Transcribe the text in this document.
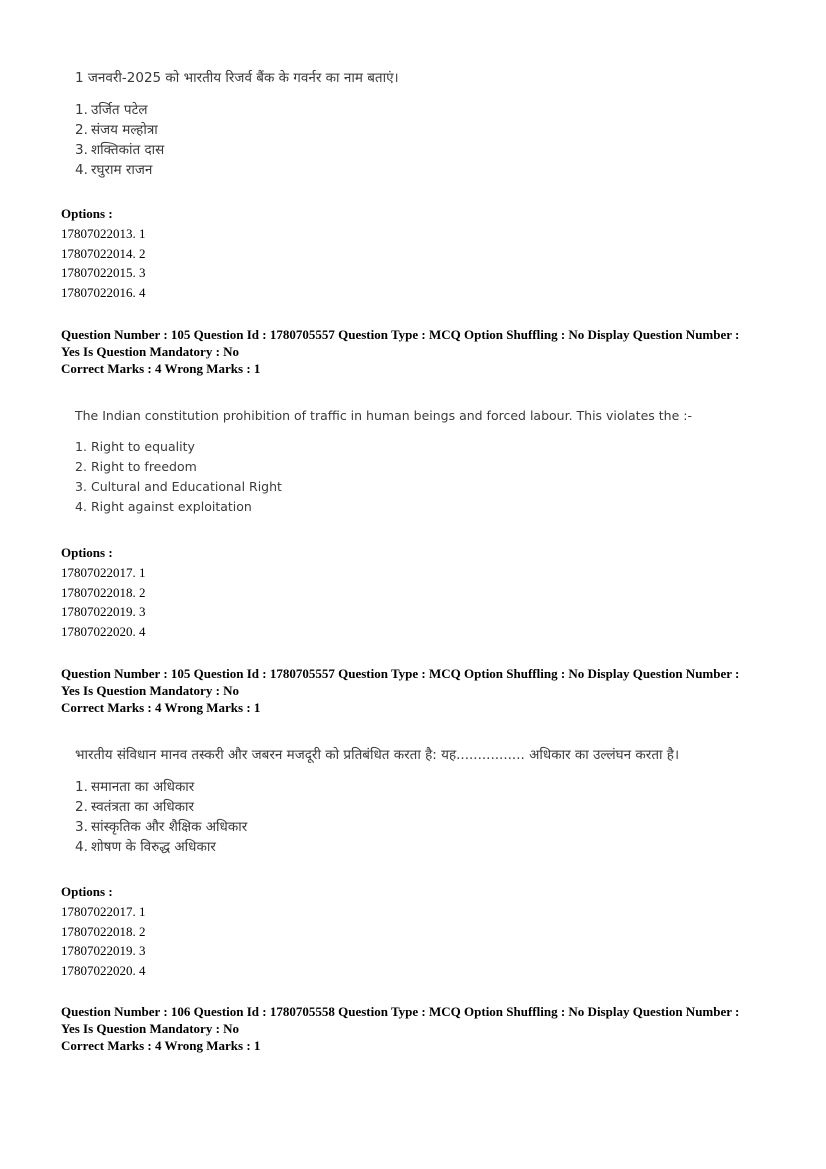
1 जनवरी-2025 को भारतीय रिजर्व बैंक के गवर्नर का नाम बताएं।
1. उर्जित पटेल
2. संजय मल्होत्रा
3. शक्तिकांत दास
4. रघुराम राजन
Options :
17807022013. 1
17807022014. 2
17807022015. 3
17807022016. 4
Question Number : 105 Question Id : 1780705557 Question Type : MCQ Option Shuffling : No Display Question Number :
Yes Is Question Mandatory : No
Correct Marks : 4 Wrong Marks : 1
The Indian constitution prohibition of traffic in human beings and forced labour. This violates the :-
1. Right to equality
2. Right to freedom
3. Cultural and Educational Right
4. Right against exploitation
Options :
17807022017. 1
17807022018. 2
17807022019. 3
17807022020. 4
Question Number : 105 Question Id : 1780705557 Question Type : MCQ Option Shuffling : No Display Question Number :
Yes Is Question Mandatory : No
Correct Marks : 4 Wrong Marks : 1
भारतीय संविधान मानव तस्करी और जबरन मजदूरी को प्रतिबंधित करता है: यह................ अधिकार का उल्लंघन करता है।
1. समानता का अधिकार
2. स्वतंत्रता का अधिकार
3. सांस्कृतिक और शैक्षिक अधिकार
4. शोषण के विरुद्ध अधिकार
Options :
17807022017. 1
17807022018. 2
17807022019. 3
17807022020. 4
Question Number : 106 Question Id : 1780705558 Question Type : MCQ Option Shuffling : No Display Question Number :
Yes Is Question Mandatory : No
Correct Marks : 4 Wrong Marks : 1
